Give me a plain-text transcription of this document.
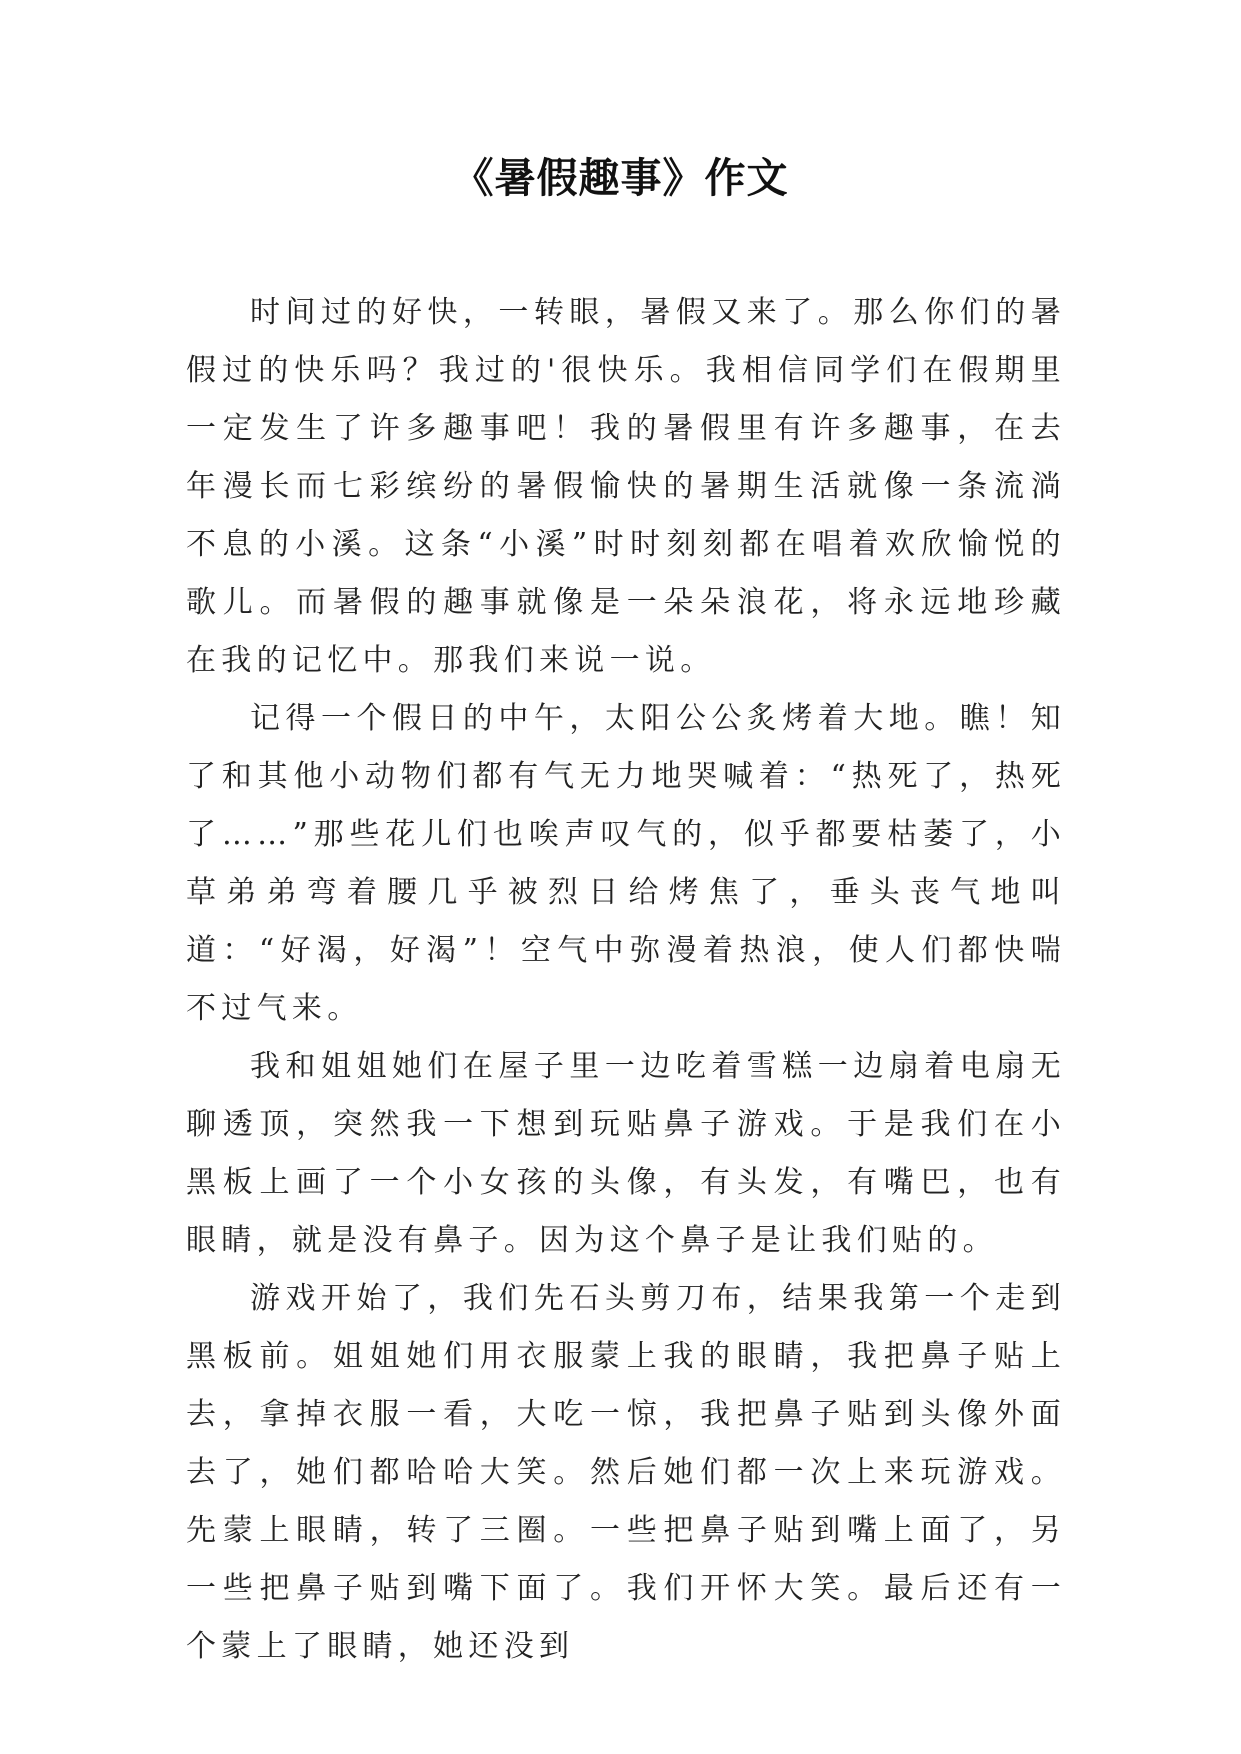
《暑假趣事》作文

时间过的好快，一转眼，暑假又来了。那么你们的暑假过的快乐吗？我过的'很快乐。我相信同学们在假期里一定发生了许多趣事吧！我的暑假里有许多趣事，在去年漫长而七彩缤纷的暑假愉快的暑期生活就像一条流淌不息的小溪。这条“小溪”时时刻刻都在唱着欢欣愉悦的歌儿。而暑假的趣事就像是一朵朵浪花，将永远地珍藏在我的记忆中。那我们来说一说。

记得一个假日的中午，太阳公公炙烤着大地。瞧！知了和其他小动物们都有气无力地哭喊着：“热死了，热死了……”那些花儿们也唉声叹气的，似乎都要枯萎了，小草弟弟弯着腰几乎被烈日给烤焦了，垂头丧气地叫道：“好渴，好渴”！空气中弥漫着热浪，使人们都快喘不过气来。

我和姐姐她们在屋子里一边吃着雪糕一边扇着电扇无聊透顶，突然我一下想到玩贴鼻子游戏。于是我们在小黑板上画了一个小女孩的头像，有头发，有嘴巴，也有眼睛，就是没有鼻子。因为这个鼻子是让我们贴的。

游戏开始了，我们先石头剪刀布，结果我第一个走到黑板前。姐姐她们用衣服蒙上我的眼睛，我把鼻子贴上去，拿掉衣服一看，大吃一惊，我把鼻子贴到头像外面去了，她们都哈哈大笑。然后她们都一次上来玩游戏。先蒙上眼睛，转了三圈。一些把鼻子贴到嘴上面了，另一些把鼻子贴到嘴下面了。我们开怀大笑。最后还有一个蒙上了眼睛，她还没到
